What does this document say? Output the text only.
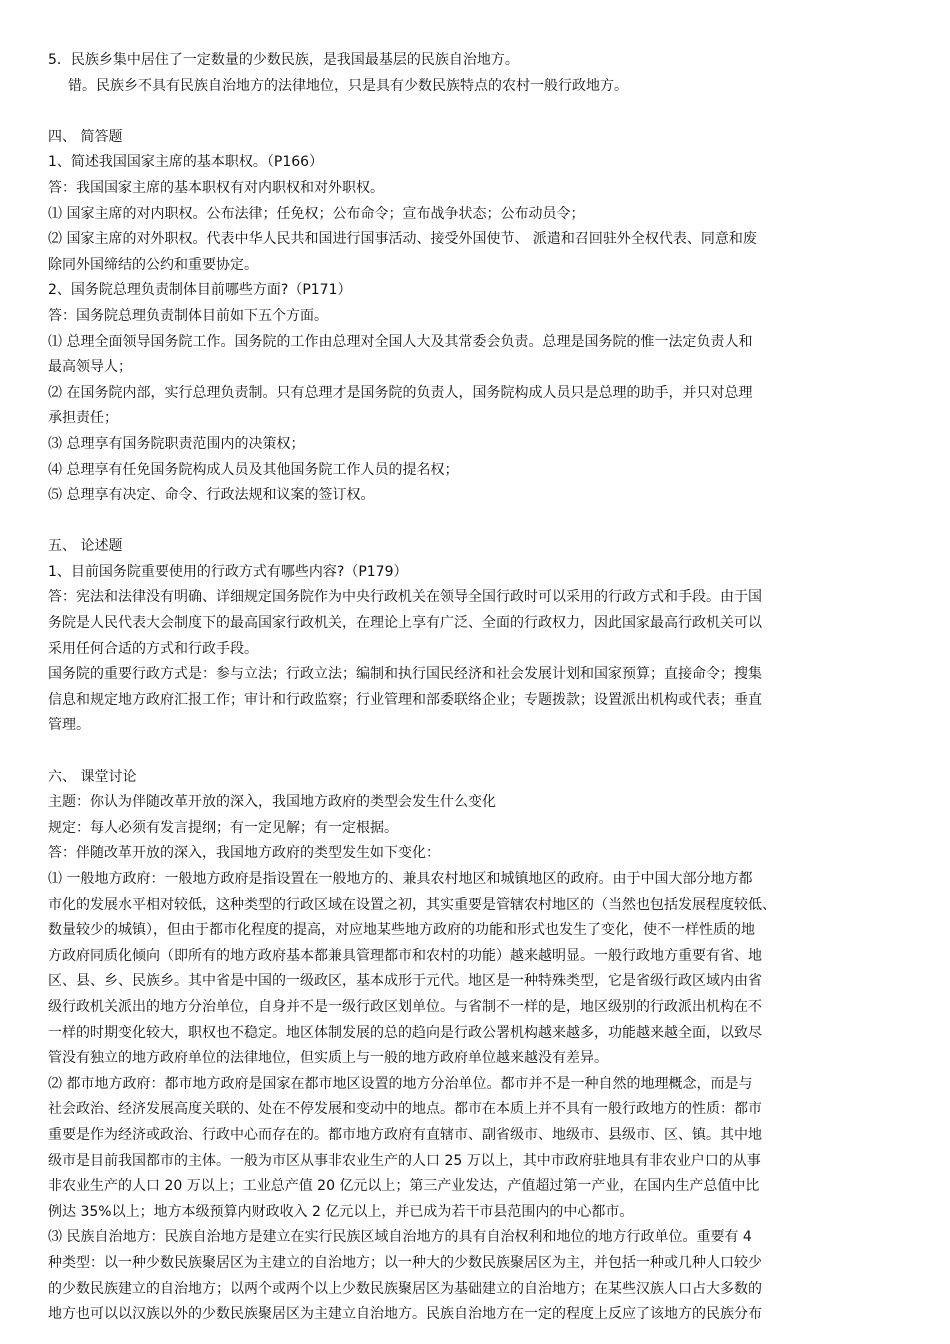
5．民族乡集中居住了一定数量的少数民族，是我国最基层的民族自治地方。
错。民族乡不具有民族自治地方的法律地位，只是具有少数民族特点的农村一般行政地方。
四、 简答题
1、简述我国国家主席的基本职权。（P166）
答：我国国家主席的基本职权有对内职权和对外职权。
⑴ 国家主席的对内职权。公布法律；任免权；公布命令；宣布战争状态；公布动员令；
⑵ 国家主席的对外职权。代表中华人民共和国进行国事活动、接受外国使节、 派遣和召回驻外全权代表、同意和废
除同外国缔结的公约和重要协定。
2、国务院总理负责制体目前哪些方面?（P171）
答：国务院总理负责制体目前如下五个方面。
⑴ 总理全面领导国务院工作。国务院的工作由总理对全国人大及其常委会负责。总理是国务院的惟一法定负责人和
最高领导人；
⑵ 在国务院内部，实行总理负责制。只有总理才是国务院的负责人，国务院构成人员只是总理的助手，并只对总理
承担责任；
⑶ 总理享有国务院职责范围内的决策权；
⑷ 总理享有任免国务院构成人员及其他国务院工作人员的提名权；
⑸ 总理享有决定、命令、行政法规和议案的签订权。
五、 论述题
1、目前国务院重要使用的行政方式有哪些内容?（P179）
答：宪法和法律没有明确、详细规定国务院作为中央行政机关在领导全国行政时可以采用的行政方式和手段。由于国
务院是人民代表大会制度下的最高国家行政机关，在理论上享有广泛、全面的行政权力，因此国家最高行政机关可以
采用任何合适的方式和行政手段。
国务院的重要行政方式是：参与立法；行政立法；编制和执行国民经济和社会发展计划和国家预算；直接命令；搜集
信息和规定地方政府汇报工作；审计和行政监察；行业管理和部委联络企业；专题拨款；设置派出机构或代表；垂直
管理。
六、 课堂讨论
主题：你认为伴随改革开放的深入，我国地方政府的类型会发生什么变化
规定：每人必须有发言提纲；有一定见解；有一定根据。
答：伴随改革开放的深入，我国地方政府的类型发生如下变化：
⑴ 一般地方政府：一般地方政府是指设置在一般地方的、兼具农村地区和城镇地区的政府。由于中国大部分地方都
市化的发展水平相对较低，这种类型的行政区域在设置之初，其实重要是管辖农村地区的（当然也包括发展程度较低、
数量较少的城镇），但由于都市化程度的提高，对应地某些地方政府的功能和形式也发生了变化，使不一样性质的地
方政府同质化倾向（即所有的地方政府基本都兼具管理都市和农村的功能）越来越明显。一般行政地方重要有省、地
区、县、乡、民族乡。其中省是中国的一级政区，基本成形于元代。地区是一种特殊类型，它是省级行政区域内由省
级行政机关派出的地方分治单位，自身并不是一级行政区划单位。与省制不一样的是，地区级别的行政派出机构在不
一样的时期变化较大，职权也不稳定。地区体制发展的总的趋向是行政公署机构越来越多，功能越来越全面，以致尽
管没有独立的地方政府单位的法律地位，但实质上与一般的地方政府单位越来越没有差异。
⑵ 都市地方政府：都市地方政府是国家在都市地区设置的地方分治单位。都市并不是一种自然的地理概念，而是与
社会政治、经济发展高度关联的、处在不停发展和变动中的地点。都市在本质上并不具有一般行政地方的性质：都市
重要是作为经济或政治、行政中心而存在的。都市地方政府有直辖市、副省级市、地级市、县级市、区、镇。其中地
级市是目前我国都市的主体。一般为市区从事非农业生产的人口 25 万以上，其中市政府驻地具有非农业户口的从事
非农业生产的人口 20 万以上；工业总产值 20 亿元以上；第三产业发达，产值超过第一产业，在国内生产总值中比
例达 35%以上；地方本级预算内财政收入 2 亿元以上，并已成为若干市县范围内的中心都市。
⑶ 民族自治地方：民族自治地方是建立在实行民族区域自治地方的具有自治权利和地位的地方行政单位。重要有 4
种类型：以一种少数民族聚居区为主建立的自治地方；以一种大的少数民族聚居区为主，并包括一种或几种人口较少
的少数民族建立的自治地方；以两个或两个以上少数民族聚居区为基础建立的自治地方；在某些汉族人口占大多数的
地方也可以以汉族以外的少数民族聚居区为主建立自治地方。民族自治地方在一定的程度上反应了该地方的民族分布
